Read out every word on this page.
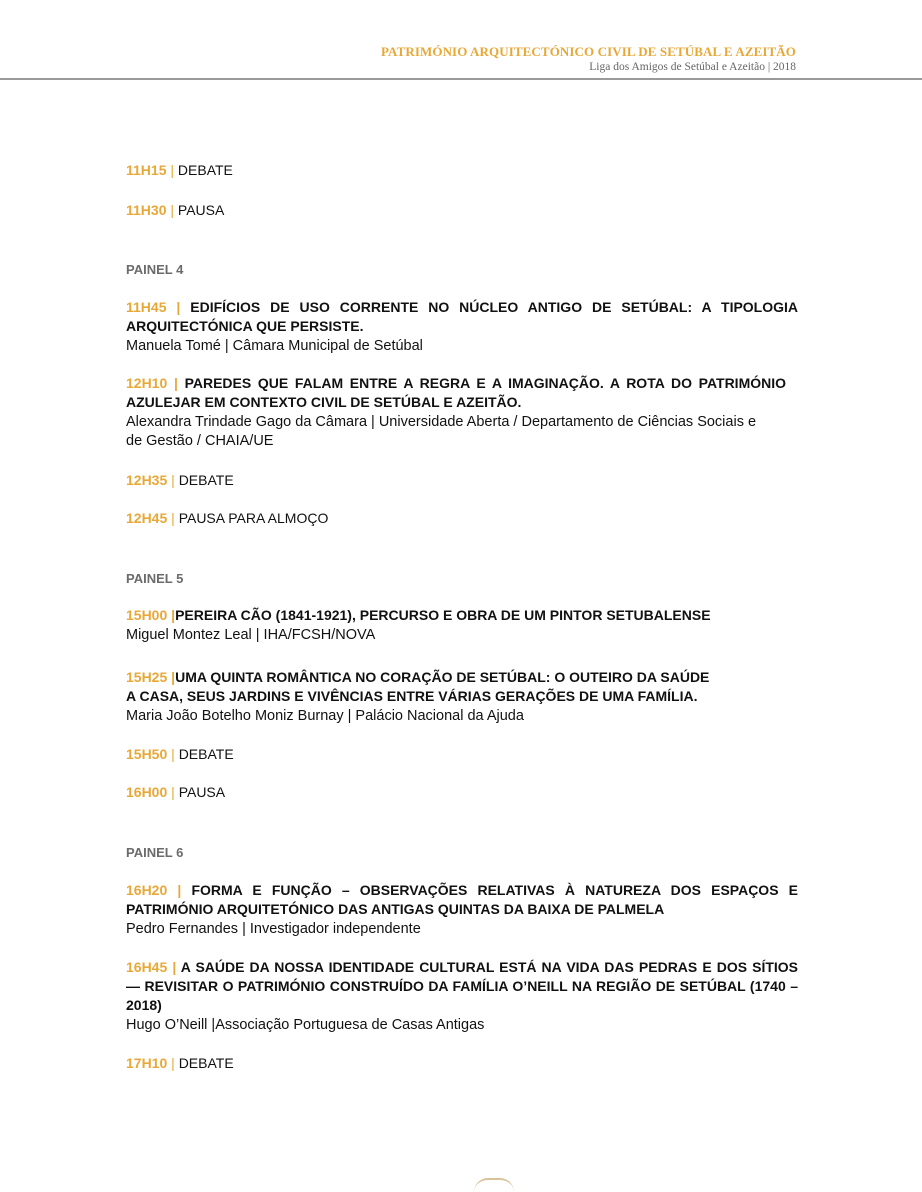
PATRIMÓNIO ARQUITECTÓNICO CIVIL DE SETÚBAL E AZEITÃO
Liga dos Amigos de Setúbal e Azeitão | 2018
11H15 | DEBATE
11H30 | PAUSA
PAINEL 4
11H45 | EDIFÍCIOS DE USO CORRENTE NO NÚCLEO ANTIGO DE SETÚBAL: A TIPOLOGIA ARQUITECTÓNICA QUE PERSISTE.
Manuela Tomé | Câmara Municipal de Setúbal
12H10 | PAREDES QUE FALAM ENTRE A REGRA E A IMAGINAÇÃO. A ROTA DO PATRIMÓNIO AZULEJAR EM CONTEXTO CIVIL DE SETÚBAL E AZEITÃO.
Alexandra Trindade Gago da Câmara | Universidade Aberta / Departamento de Ciências Sociais e de Gestão / CHAIA/UE
12H35 | DEBATE
12H45 | PAUSA PARA ALMOÇO
PAINEL 5
15H00 |PEREIRA CÃO (1841-1921), PERCURSO E OBRA DE UM PINTOR SETUBALENSE
Miguel Montez Leal | IHA/FCSH/NOVA
15H25 |UMA QUINTA ROMÂNTICA NO CORAÇÃO DE SETÚBAL: O OUTEIRO DA SAÚDE
A CASA, SEUS JARDINS E VIVÊNCIAS ENTRE VÁRIAS GERAÇÕES DE UMA FAMÍLIA.
Maria João Botelho Moniz Burnay | Palácio Nacional da Ajuda
15H50 | DEBATE
16H00 | PAUSA
PAINEL 6
16H20 | FORMA E FUNÇÃO – OBSERVAÇÕES RELATIVAS À NATUREZA DOS ESPAÇOS E PATRIMÓNIO ARQUITETÓNICO DAS ANTIGAS QUINTAS DA BAIXA DE PALMELA
Pedro Fernandes | Investigador independente
16H45 | A SAÚDE DA NOSSA IDENTIDADE CULTURAL ESTÁ NA VIDA DAS PEDRAS E DOS SÍTIOS — REVISITAR O PATRIMÓNIO CONSTRUÍDO DA FAMÍLIA O’NEILL NA REGIÃO DE SETÚBAL (1740 – 2018)
Hugo O’Neill |Associação Portuguesa de Casas Antigas
17H10 | DEBATE
